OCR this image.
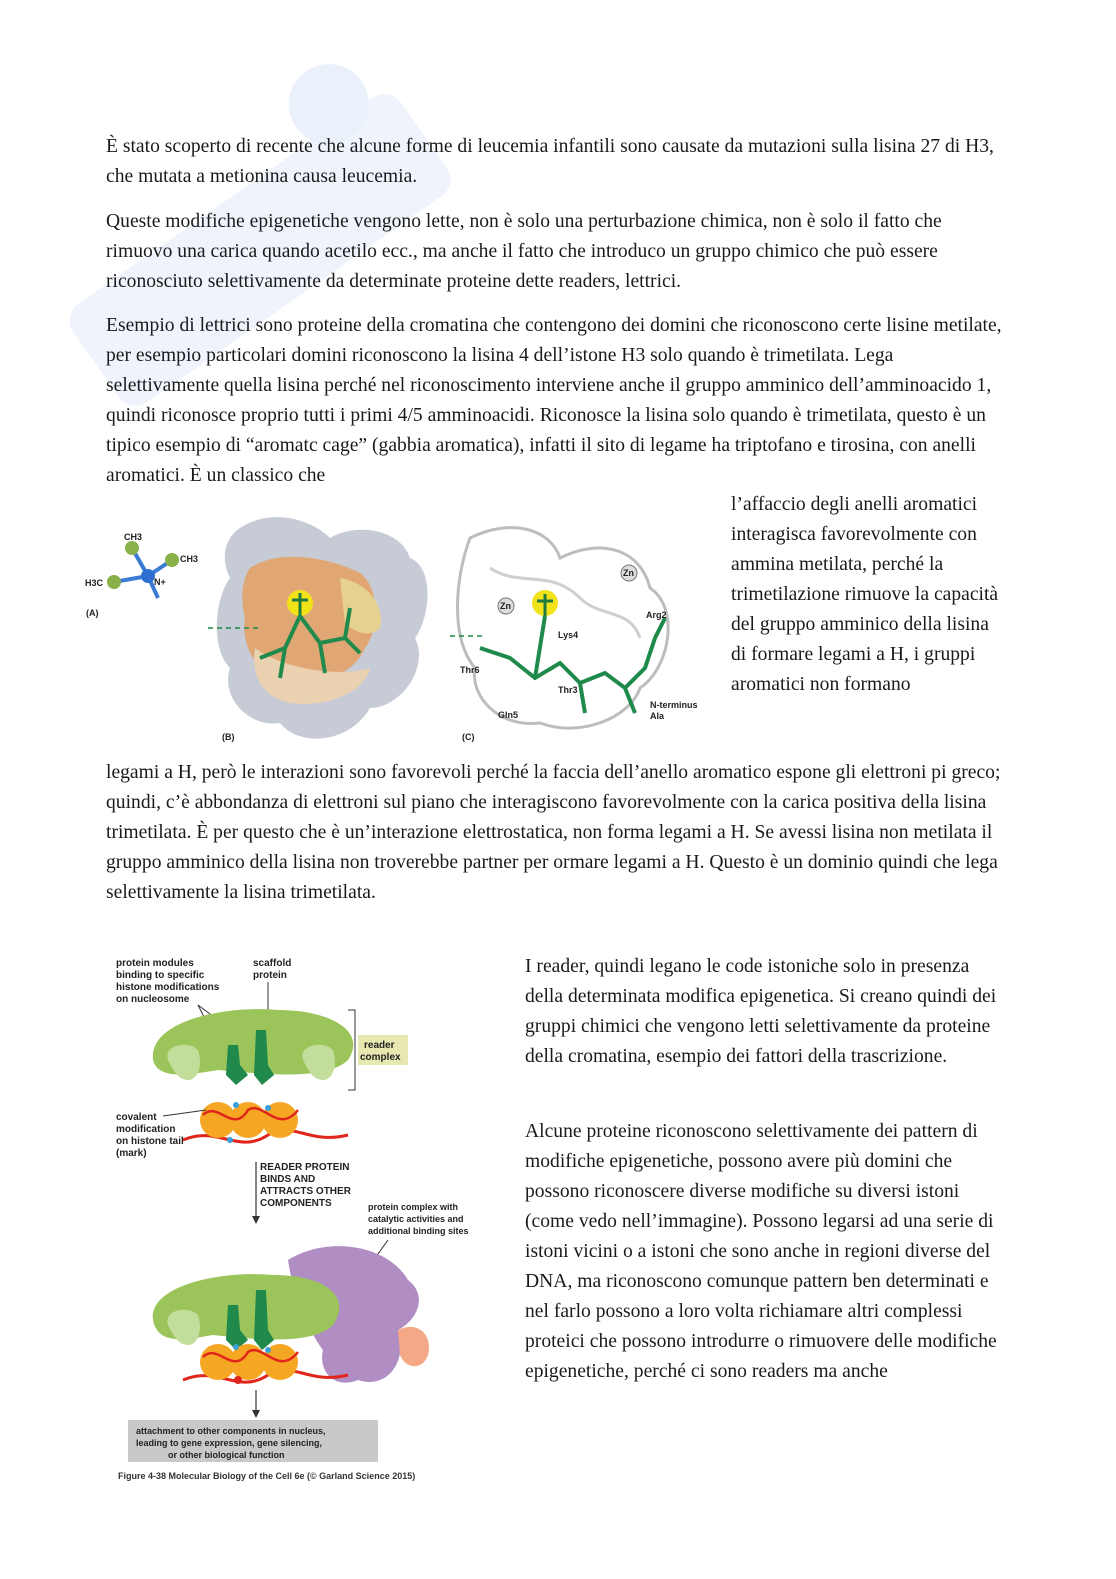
È stato scoperto di recente che alcune forme di leucemia infantili sono causate da mutazioni sulla lisina 27 di H3, che mutata a metionina causa leucemia.

Queste modifiche epigenetiche vengono lette, non è solo una perturbazione chimica, non è solo il fatto che rimuovo una carica quando acetilo ecc., ma anche il fatto che introduco un gruppo chimico che può essere riconosciuto selettivamente da determinate proteine dette readers, lettrici.

Esempio di lettrici sono proteine della cromatina che contengono dei domini che riconoscono certe lisine metilate, per esempio particolari domini riconoscono la lisina 4 dell’istone H3 solo quando è trimetilata. Lega selettivamente quella lisina perché nel riconoscimento interviene anche il gruppo amminico dell’amminoacido 1, quindi riconosce proprio tutti i primi 4/5 amminoacidi. Riconosce la lisina solo quando è trimetilata, questo è un tipico esempio di “aromatc cage” (gabbia aromatica), infatti il sito di legame ha triptofano e tirosina, con anelli aromatici. È un classico che

l’affaccio degli anelli aromatici interagisca favorevolmente con ammina metilata, perché la trimetilazione rimuove la capacità del gruppo amminico della lisina di formare legami a H, i gruppi aromatici non formano

legami a H, però le interazioni sono favorevoli perché la faccia dell’anello aromatico espone gli elettroni pi greco; quindi, c’è abbondanza di elettroni sul piano che interagiscono favorevolmente con la carica positiva della lisina trimetilata. È per questo che è un’interazione elettrostatica, non forma legami a H. Se avessi lisina non metilata il gruppo amminico della lisina non troverebbe partner per ormare legami a H. Questo è un dominio quindi che lega selettivamente la lisina trimetilata.

I reader, quindi legano le code istoniche solo in presenza della determinata modifica epigenetica. Si creano quindi dei gruppi chimici che vengono letti selettivamente da proteine della cromatina, esempio dei fattori della trascrizione.

Alcune proteine riconoscono selettivamente dei pattern di modifiche epigenetiche, possono avere più domini che possono riconoscere diverse modifiche su diversi istoni (come vedo nell’immagine). Possono legarsi ad una serie di istoni vicini o a istoni che sono anche in regioni diverse del DNA, ma riconoscono comunque pattern ben determinati e nel farlo possono a loro volta richiamare altri complessi proteici che possono introdurre o rimuovere delle modifiche epigenetiche, perché ci sono readers ma anche

CH3
CH3
H3C	N+
(A)
(B)
Zn
Zn
Lys4
Arg2
Thr6
Thr3
Gln5
N-terminus
Ala
(C)
protein modules
binding to specific
histone modifications
on nucleosome
scaffold
protein
reader
complex
covalent
modification
on histone tail
(mark)
READER PROTEIN
BINDS AND
ATTRACTS OTHER
COMPONENTS	protein complex with
catalytic activities and
additional binding sites
attachment to other components in nucleus,
leading to gene expression, gene silencing,
or other biological function
Figure 4-38 Molecular Biology of the Cell 6e (© Garland Science 2015)
